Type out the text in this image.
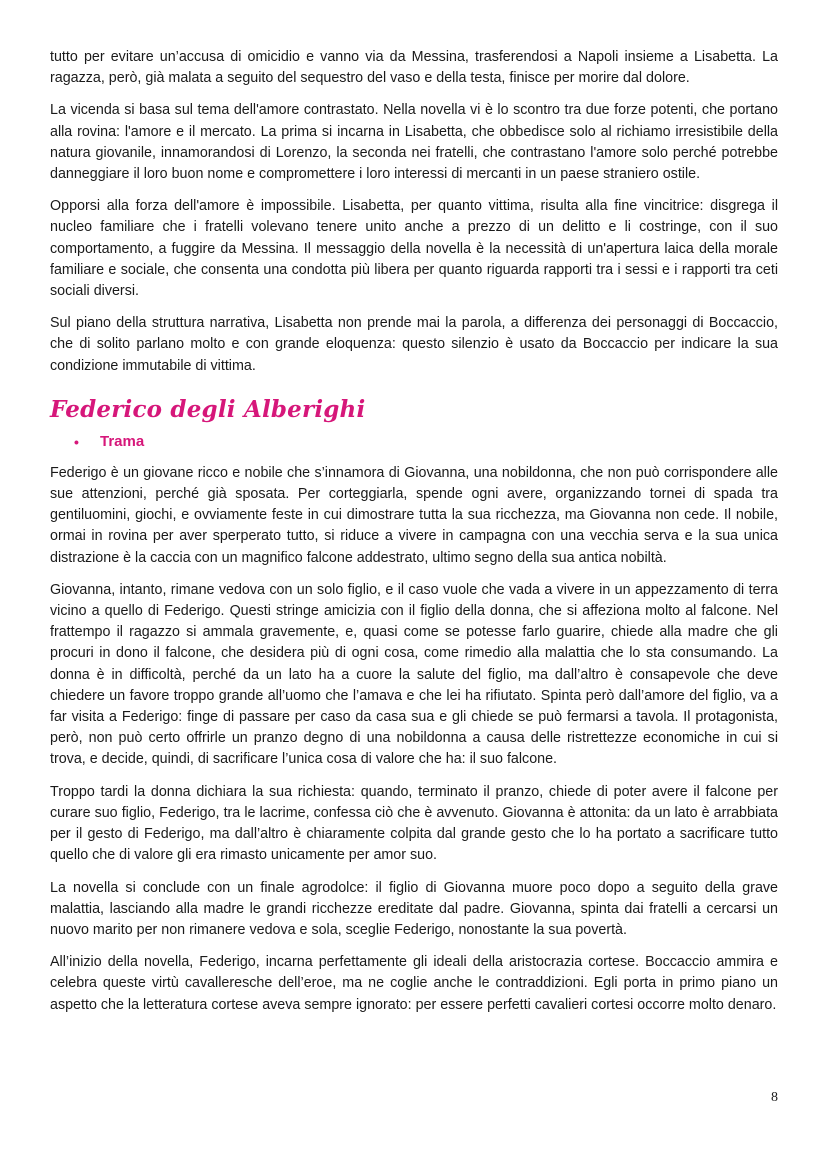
tutto per evitare un’accusa di omicidio e vanno via da Messina, trasferendosi a Napoli insieme a Lisabetta. La ragazza, però, già malata a seguito del sequestro del vaso e della testa, finisce per morire dal dolore.

La vicenda si basa sul tema dell'amore contrastato. Nella novella vi è lo scontro tra due forze potenti, che portano alla rovina: l'amore e il mercato. La prima si incarna in Lisabetta, che obbedisce solo al richiamo irresistibile della natura giovanile, innamorandosi di Lorenzo, la seconda nei fratelli, che contrastano l'amore solo perché potrebbe danneggiare il loro buon nome e compromettere i loro interessi di mercanti in un paese straniero ostile.

Opporsi alla forza dell'amore è impossibile. Lisabetta, per quanto vittima, risulta alla fine vincitrice: disgrega il nucleo familiare che i fratelli volevano tenere unito anche a prezzo di un delitto e li costringe, con il suo comportamento, a fuggire da Messina. Il messaggio della novella è la necessità di un'apertura laica della morale familiare e sociale, che consenta una condotta più libera per quanto riguarda rapporti tra i sessi e i rapporti tra ceti sociali diversi.

Sul piano della struttura narrativa, Lisabetta non prende mai la parola, a differenza dei personaggi di Boccaccio, che di solito parlano molto e con grande eloquenza: questo silenzio è usato da Boccaccio per indicare la sua condizione immutabile di vittima.

Federico degli Alberighi
•	Trama

Federigo è un giovane ricco e nobile che s’innamora di Giovanna, una nobildonna, che non può corrispondere alle sue attenzioni, perché già sposata. Per corteggiarla, spende ogni avere, organizzando tornei di spada tra gentiluomini, giochi, e ovviamente feste in cui dimostrare tutta la sua ricchezza, ma Giovanna non cede. Il nobile, ormai in rovina per aver sperperato tutto, si riduce a vivere in campagna con una vecchia serva e la sua unica distrazione è la caccia con un magnifico falcone addestrato, ultimo segno della sua antica nobiltà.

Giovanna, intanto, rimane vedova con un solo figlio, e il caso vuole che vada a vivere in un appezzamento di terra vicino a quello di Federigo. Questi stringe amicizia con il figlio della donna, che si affeziona molto al falcone. Nel frattempo il ragazzo si ammala gravemente, e, quasi come se potesse farlo guarire, chiede alla madre che gli procuri in dono il falcone, che desidera più di ogni cosa, come rimedio alla malattia che lo sta consumando. La donna è in difficoltà, perché da un lato ha a cuore la salute del figlio, ma dall’altro è consapevole che deve chiedere un favore troppo grande all’uomo che l’amava e che lei ha rifiutato. Spinta però dall’amore del figlio, va a far visita a Federigo: finge di passare per caso da casa sua e gli chiede se può fermarsi a tavola. Il protagonista, però, non può certo offrirle un pranzo degno di una nobildonna a causa delle ristrettezze economiche in cui si trova, e decide, quindi, di sacrificare l’unica cosa di valore che ha: il suo falcone.

Troppo tardi la donna dichiara la sua richiesta: quando, terminato il pranzo, chiede di poter avere il falcone per curare suo figlio, Federigo, tra le lacrime, confessa ciò che è avvenuto. Giovanna è attonita: da un lato è arrabbiata per il gesto di Federigo, ma dall’altro è chiaramente colpita dal grande gesto che lo ha portato a sacrificare tutto quello che di valore gli era rimasto unicamente per amor suo.

La novella si conclude con un finale agrodolce: il figlio di Giovanna muore poco dopo a seguito della grave malattia, lasciando alla madre le grandi ricchezze ereditate dal padre. Giovanna, spinta dai fratelli a cercarsi un nuovo marito per non rimanere vedova e sola, sceglie Federigo, nonostante la sua povertà.

All’inizio della novella, Federigo, incarna perfettamente gli ideali della aristocrazia cortese. Boccaccio ammira e celebra queste virtù cavalleresche dell’eroe, ma ne coglie anche le contraddizioni. Egli porta in primo piano un aspetto che la letteratura cortese aveva sempre ignorato: per essere perfetti cavalieri cortesi occorre molto denaro.

8
